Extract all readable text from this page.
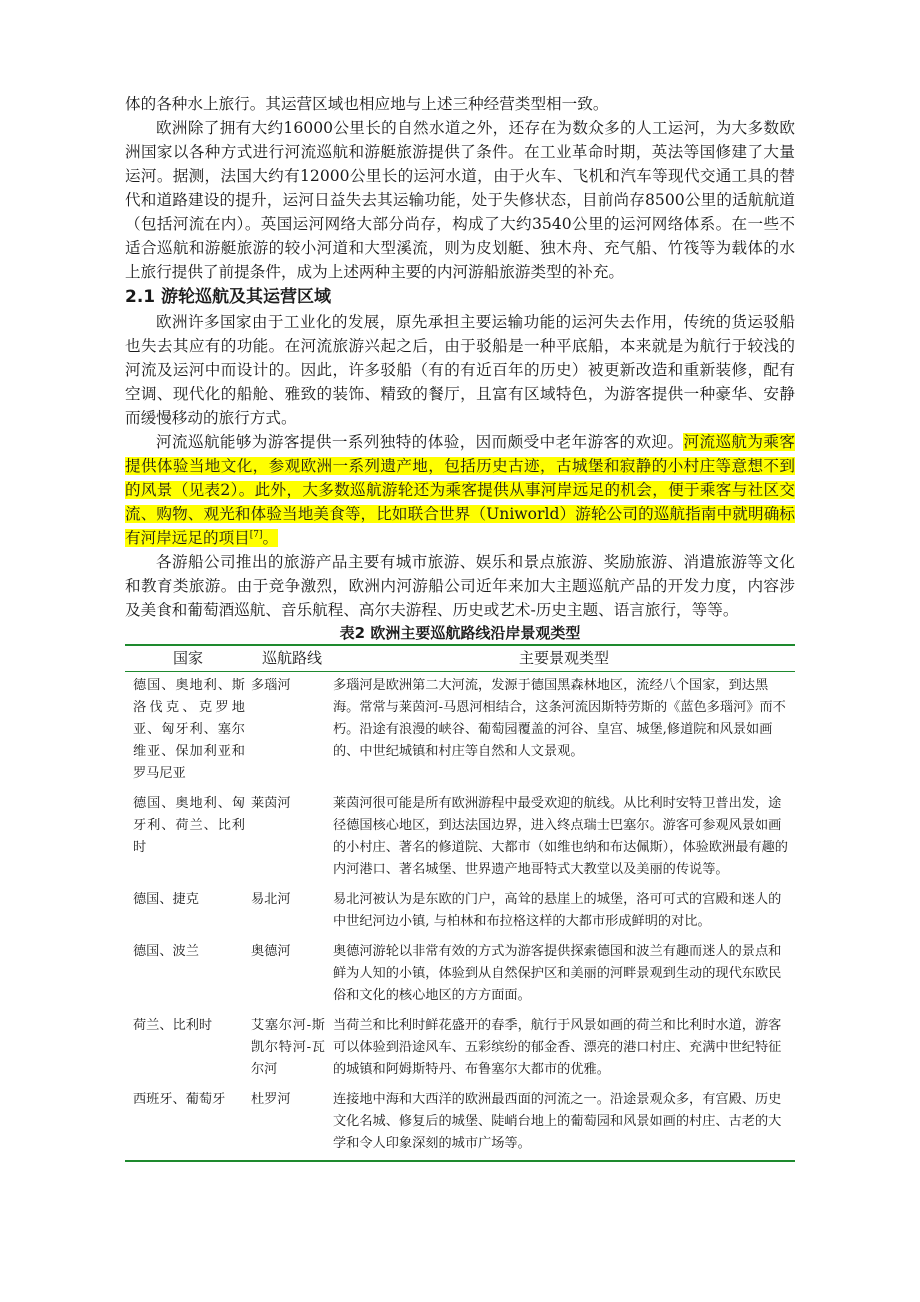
体的各种水上旅行。其运营区域也相应地与上述三种经营类型相一致。

欧洲除了拥有大约16000公里长的自然水道之外，还存在为数众多的人工运河，为大多数欧洲国家以各种方式进行河流巡航和游艇旅游提供了条件。在工业革命时期，英法等国修建了大量运河。据测，法国大约有12000公里长的运河水道，由于火车、飞机和汽车等现代交通工具的替代和道路建设的提升，运河日益失去其运输功能，处于失修状态，目前尚存8500公里的适航航道（包括河流在内）。英国运河网络大部分尚存，构成了大约3540公里的运河网络体系。在一些不适合巡航和游艇旅游的较小河道和大型溪流，则为皮划艇、独木舟、充气船、竹筏等为载体的水上旅行提供了前提条件，成为上述两种主要的内河游船旅游类型的补充。

2.1 游轮巡航及其运营区域

欧洲许多国家由于工业化的发展，原先承担主要运输功能的运河失去作用，传统的货运驳船也失去其应有的功能。在河流旅游兴起之后，由于驳船是一种平底船，本来就是为航行于较浅的河流及运河中而设计的。因此，许多驳船（有的有近百年的历史）被更新改造和重新装修，配有空调、现代化的船舱、雅致的装饰、精致的餐厅，且富有区域特色，为游客提供一种豪华、安静而缓慢移动的旅行方式。

河流巡航能够为游客提供一系列独特的体验，因而颇受中老年游客的欢迎。河流巡航为乘客提供体验当地文化，参观欧洲一系列遗产地，包括历史古迹，古城堡和寂静的小村庄等意想不到的风景（见表2）。此外，大多数巡航游轮还为乘客提供从事河岸远足的机会，便于乘客与社区交流、购物、观光和体验当地美食等，比如联合世界（Uniworld）游轮公司的巡航指南中就明确标有河岸远足的项目[7]。

各游船公司推出的旅游产品主要有城市旅游、娱乐和景点旅游、奖励旅游、消遣旅游等文化和教育类旅游。由于竞争激烈，欧洲内河游船公司近年来加大主题巡航产品的开发力度，内容涉及美食和葡萄酒巡航、音乐航程、高尔夫游程、历史或艺术-历史主题、语言旅行，等等。

表2 欧洲主要巡航路线沿岸景观类型

国家	巡航路线	主要景观类型
德国、奥地利、斯洛伐克、克罗地亚、匈牙利、塞尔维亚、保加利亚和罗马尼亚	多瑙河	多瑙河是欧洲第二大河流，发源于德国黑森林地区，流经八个国家，到达黑海。常常与莱茵河-马恩河相结合，这条河流因斯特劳斯的《蓝色多瑙河》而不朽。沿途有浪漫的峡谷、葡萄园覆盖的河谷、皇宫、城堡,修道院和风景如画的、中世纪城镇和村庄等自然和人文景观。
德国、奥地利、匈牙利、荷兰、比利时	莱茵河	莱茵河很可能是所有欧洲游程中最受欢迎的航线。从比利时安特卫普出发，途径德国核心地区，到达法国边界，进入终点瑞士巴塞尔。游客可参观风景如画的小村庄、著名的修道院、大都市（如维也纳和布达佩斯），体验欧洲最有趣的内河港口、著名城堡、世界遗产地哥特式大教堂以及美丽的传说等。
德国、捷克	易北河	易北河被认为是东欧的门户，高耸的悬崖上的城堡，洛可可式的宫殿和迷人的中世纪河边小镇, 与柏林和布拉格这样的大都市形成鲜明的对比。
德国、波兰	奥德河	奥德河游轮以非常有效的方式为游客提供探索德国和波兰有趣而迷人的景点和鲜为人知的小镇，体验到从自然保护区和美丽的河畔景观到生动的现代东欧民俗和文化的核心地区的方方面面。
荷兰、比利时	艾塞尔河-斯凯尔特河-瓦尔河	当荷兰和比利时鲜花盛开的春季，航行于风景如画的荷兰和比利时水道，游客可以体验到沿途风车、五彩缤纷的郁金香、漂亮的港口村庄、充满中世纪特征的城镇和阿姆斯特丹、布鲁塞尔大都市的优雅。
西班牙、葡萄牙	杜罗河	连接地中海和大西洋的欧洲最西面的河流之一。沿途景观众多，有宫殿、历史文化名城、修复后的城堡、陡峭台地上的葡萄园和风景如画的村庄、古老的大学和令人印象深刻的城市广场等。
